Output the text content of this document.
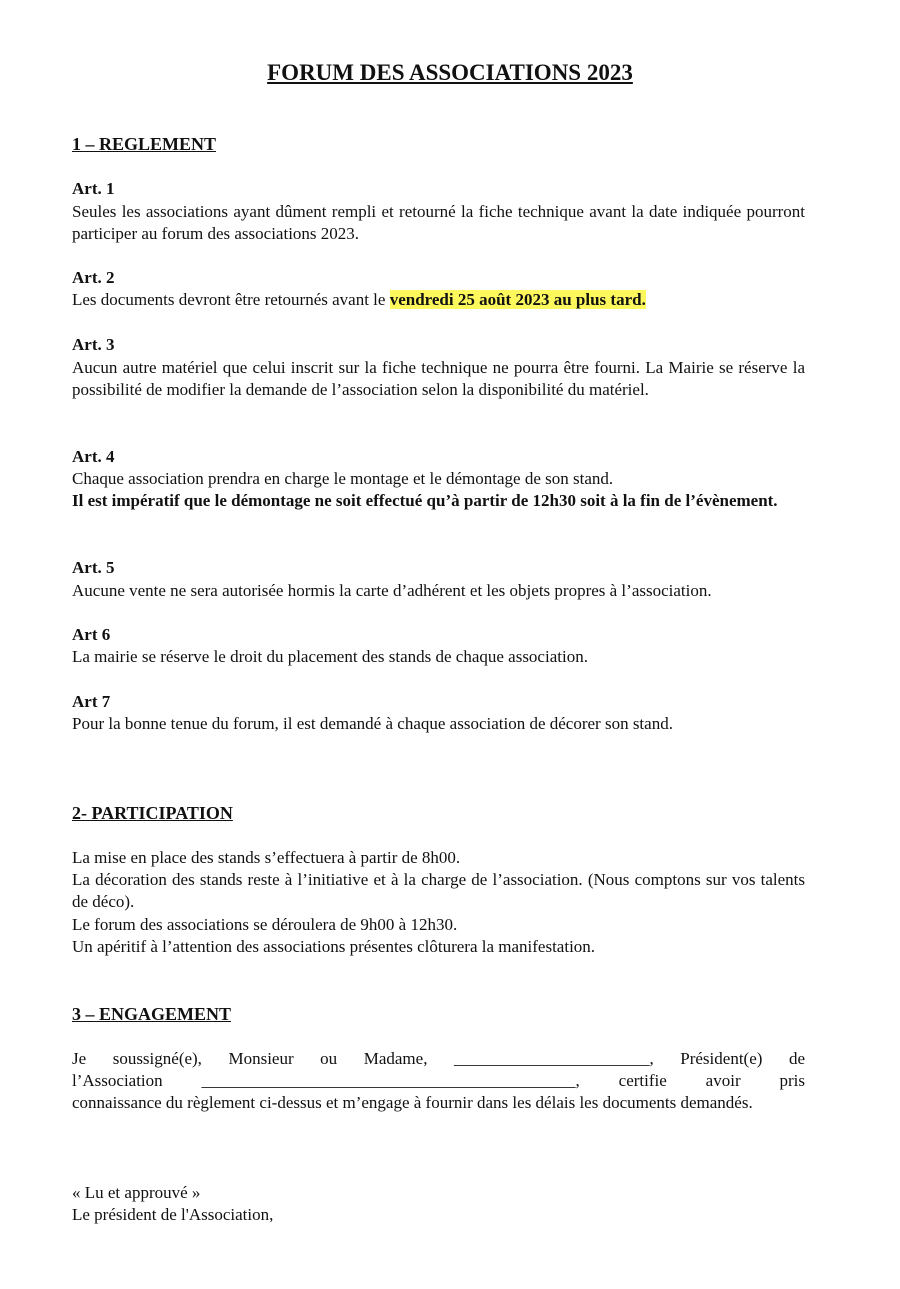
FORUM DES ASSOCIATIONS 2023
1 – REGLEMENT
Art. 1

Seules les associations ayant dûment rempli et retourné la fiche technique avant la date indiquée pourront participer au forum des associations 2023.

Art. 2

Les documents devront être retournés avant le vendredi 25 août 2023 au plus tard.

Art. 3

Aucun autre matériel que celui inscrit sur la fiche technique ne pourra être fourni. La Mairie se réserve la possibilité de modifier la demande de l’association selon la disponibilité du matériel.

Art. 4

Chaque association prendra en charge le montage et le démontage de son stand.

Il est impératif que le démontage ne soit effectué qu’à partir de 12h30 soit à la fin de l’évènement.

Art. 5

Aucune vente ne sera autorisée hormis la carte d’adhérent et les objets propres à l’association.

Art 6

La mairie se réserve le droit du placement des stands de chaque association.

Art 7

Pour la bonne tenue du forum, il est demandé à chaque association de décorer son stand.

2- PARTICIPATION

La mise en place des stands s’effectuera à partir de 8h00.

La décoration des stands reste à l’initiative et à la charge de l’association. (Nous comptons sur vos talents de déco).

Le forum des associations se déroulera de 9h00 à 12h30.

Un apéritif à l’attention des associations présentes clôturera la manifestation.

3 – ENGAGEMENT

Je soussigné(e), Monsieur ou Madame, _______________________, Président(e) de

l’Association ____________________________________________, certifie avoir pris

connaissance du règlement ci-dessus et m’engage à fournir dans les délais les documents demandés.

« Lu et approuvé »

Le président de l'Association,
